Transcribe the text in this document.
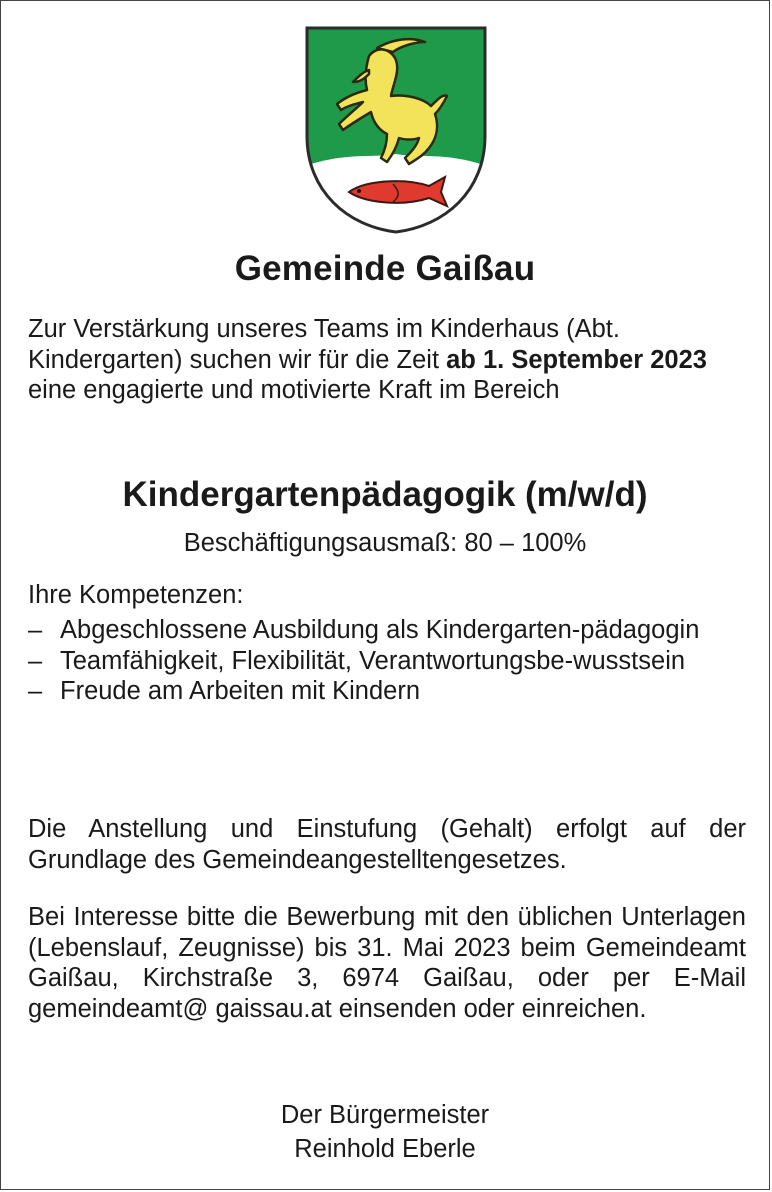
Gemeinde Gaißau
Zur Verstärkung unseres Teams im Kinderhaus (Abt. Kindergarten) suchen wir für die Zeit ab 1. September 2023 eine engagierte und motivierte Kraft im Bereich
Kindergartenpädagogik (m/w/d)
Beschäftigungsausmaß: 80 – 100%
Ihre Kompetenzen:
– Abgeschlossene Ausbildung als Kindergarten-pädagogin
– Teamfähigkeit, Flexibilität, Verantwortungsbe-wusstsein
– Freude am Arbeiten mit Kindern
Die Anstellung und Einstufung (Gehalt) erfolgt auf der Grundlage des Gemeindeangestelltengesetzes.
Bei Interesse bitte die Bewerbung mit den üblichen Unterlagen (Lebenslauf, Zeugnisse) bis 31. Mai 2023 beim Gemeindeamt Gaißau, Kirchstraße 3, 6974 Gaißau, oder per E-Mail gemeindeamt@ gaissau.at einsenden oder einreichen.
Der Bürgermeister
Reinhold Eberle
